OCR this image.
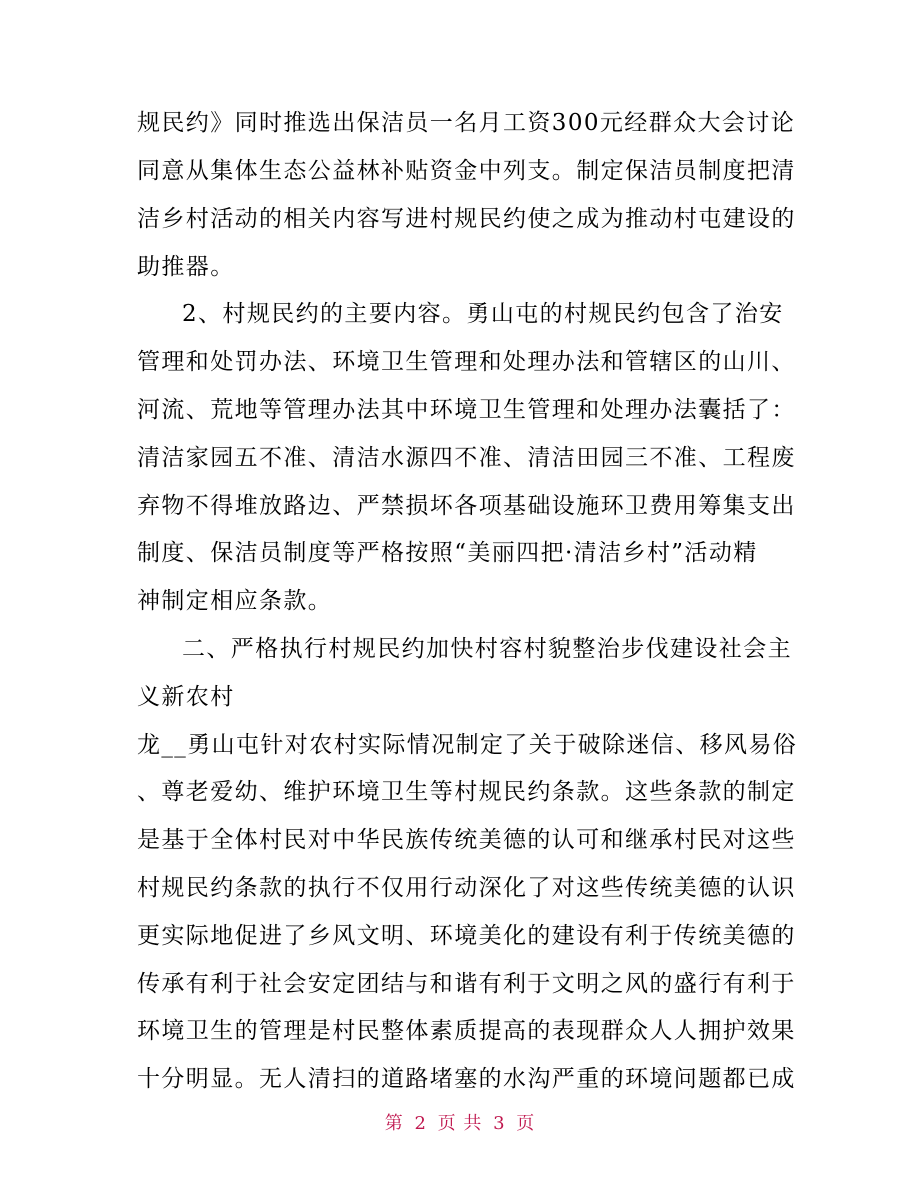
规民约》同时推选出保洁员一名月工资300元经群众大会讨论
同意从集体生态公益林补贴资金中列支。制定保洁员制度把清
洁乡村活动的相关内容写进村规民约使之成为推动村屯建设的
助推器。
2、村规民约的主要内容。勇山屯的村规民约包含了治安
管理和处罚办法、环境卫生管理和处理办法和管辖区的山川、
河流、荒地等管理办法其中环境卫生管理和处理办法囊括了：
清洁家园五不准、清洁水源四不准、清洁田园三不准、工程废
弃物不得堆放路边、严禁损坏各项基础设施环卫费用筹集支出
制度、保洁员制度等严格按照“美丽四把·清洁乡村”活动精
神制定相应条款。
二、严格执行村规民约加快村容村貌整治步伐建设社会主
义新农村
龙__勇山屯针对农村实际情况制定了关于破除迷信、移风易俗
、尊老爱幼、维护环境卫生等村规民约条款。这些条款的制定
是基于全体村民对中华民族传统美德的认可和继承村民对这些
村规民约条款的执行不仅用行动深化了对这些传统美德的认识
更实际地促进了乡风文明、环境美化的建设有利于传统美德的
传承有利于社会安定团结与和谐有利于文明之风的盛行有利于
环境卫生的管理是村民整体素质提高的表现群众人人拥护效果
十分明显。无人清扫的道路堵塞的水沟严重的环境问题都已成
第 2 页 共 3 页
